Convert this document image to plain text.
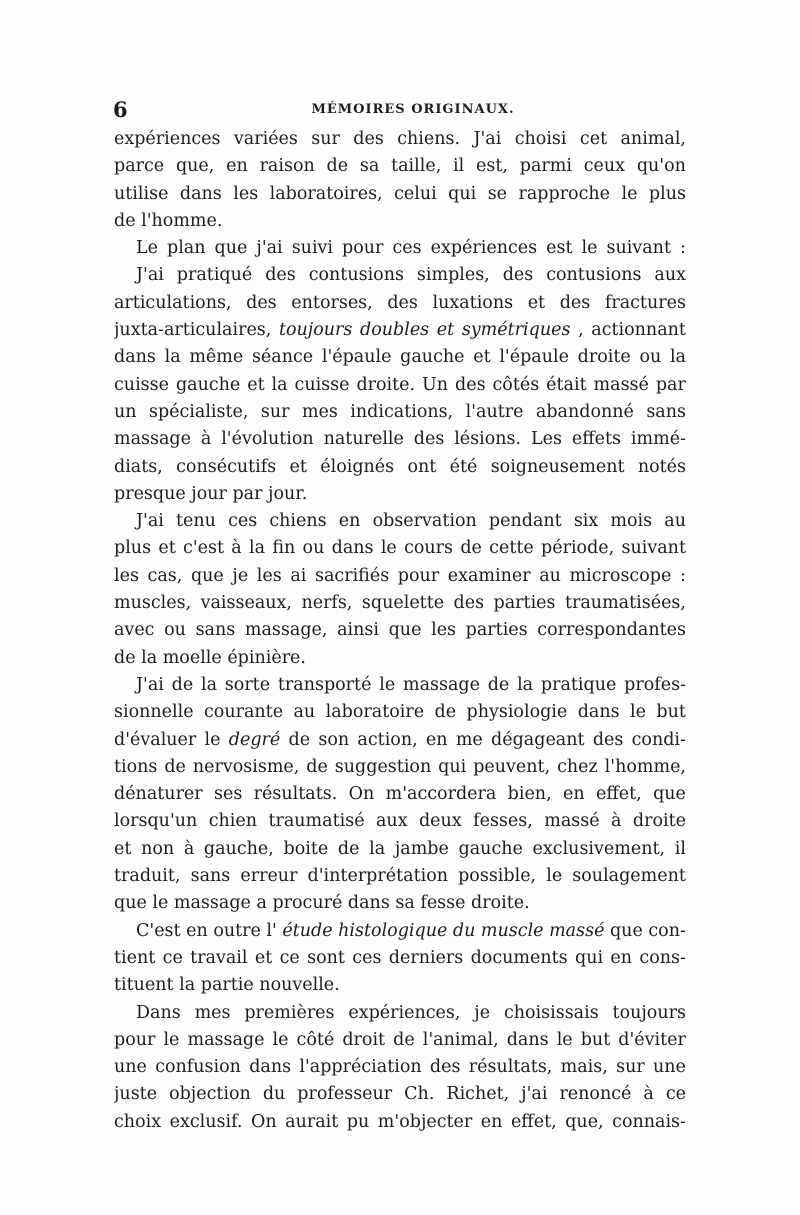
6	MÉMOIRES ORIGINAUX.
expériences variées sur des chiens. J'ai choisi cet animal,
parce que, en raison de sa taille, il est, parmi ceux qu'on
utilise dans les laboratoires, celui qui se rapproche le plus
de l'homme.
Le plan que j'ai suivi pour ces expériences est le suivant :
J'ai pratiqué des contusions simples, des contusions aux
articulations, des entorses, des luxations et des fractures
juxta-articulaires, toujours doubles et symétriques , actionnant
dans la même séance l'épaule gauche et l'épaule droite ou la
cuisse gauche et la cuisse droite. Un des côtés était massé par
un spécialiste, sur mes indications, l'autre abandonné sans
massage à l'évolution naturelle des lésions. Les effets immé-
diats, consécutifs et éloignés ont été soigneusement notés
presque jour par jour.
J'ai tenu ces chiens en observation pendant six mois au
plus et c'est à la fin ou dans le cours de cette période, suivant
les cas, que je les ai sacrifiés pour examiner au microscope :
muscles, vaisseaux, nerfs, squelette des parties traumatisées,
avec ou sans massage, ainsi que les parties correspondantes
de la moelle épinière.
J'ai de la sorte transporté le massage de la pratique profes-
sionnelle courante au laboratoire de physiologie dans le but
d'évaluer le degré de son action, en me dégageant des condi-
tions de nervosisme, de suggestion qui peuvent, chez l'homme,
dénaturer ses résultats. On m'accordera bien, en effet, que
lorsqu'un chien traumatisé aux deux fesses, massé à droite
et non à gauche, boite de la jambe gauche exclusivement, il
traduit, sans erreur d'interprétation possible, le soulagement
que le massage a procuré dans sa fesse droite.
C'est en outre l' étude histologique du muscle massé que con-
tient ce travail et ce sont ces derniers documents qui en cons-
tituent la partie nouvelle.
Dans mes premières expériences, je choisissais toujours
pour le massage le côté droit de l'animal, dans le but d'éviter
une confusion dans l'appréciation des résultats, mais, sur une
juste objection du professeur Ch. Richet, j'ai renoncé à ce
choix exclusif. On aurait pu m'objecter en effet, que, connais-
